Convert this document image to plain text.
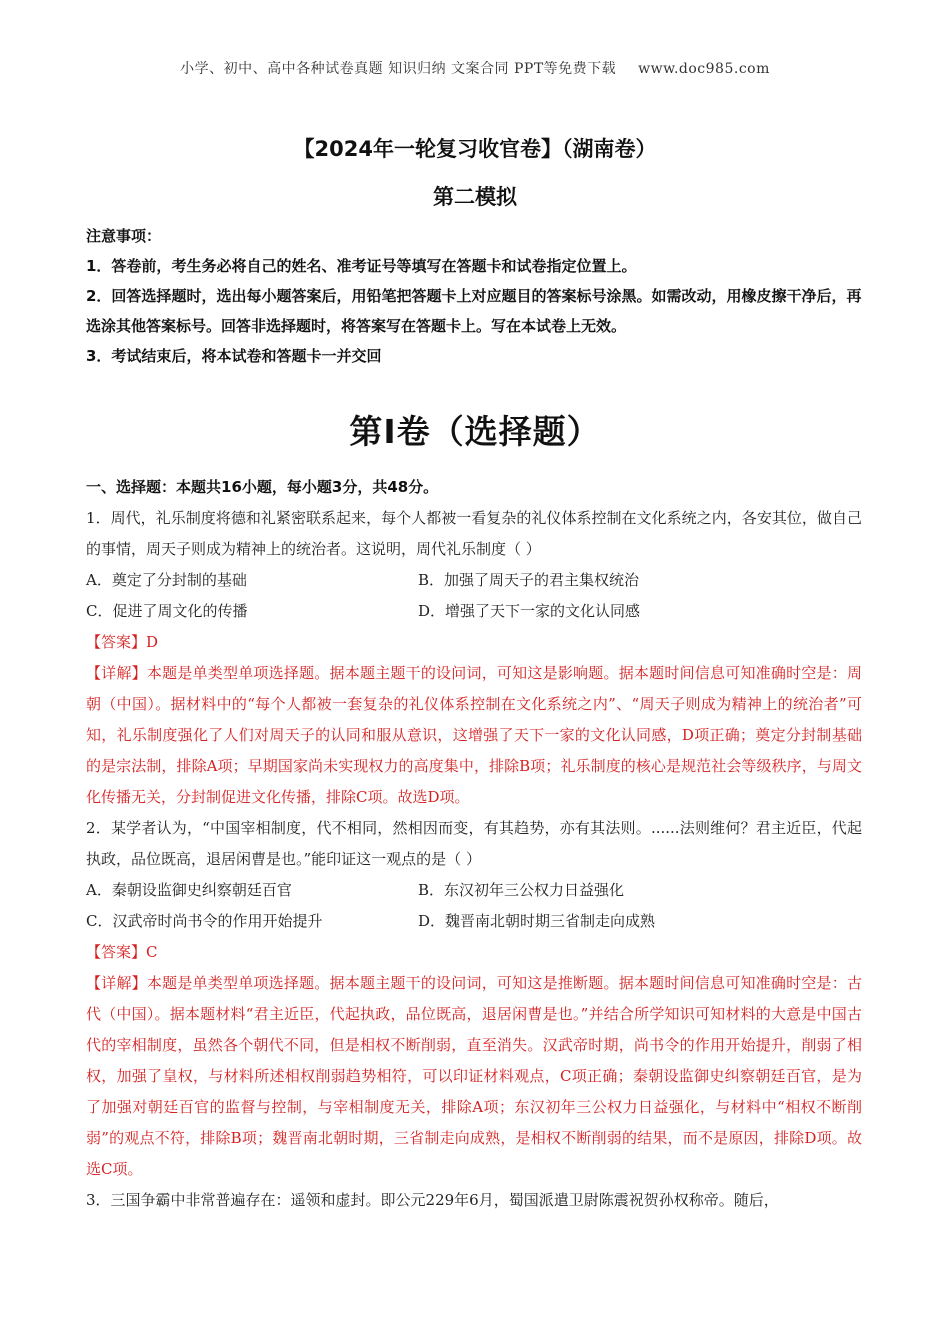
小学、初中、高中各种试卷真题 知识归纳 文案合同 PPT等免费下载 www.doc985.com
【2024年一轮复习收官卷】（湖南卷）
第二模拟

注意事项：

1．答卷前，考生务必将自己的姓名、准考证号等填写在答题卡和试卷指定位置上。

2．回答选择题时，选出每小题答案后，用铅笔把答题卡上对应题目的答案标号涂黑。如需改动，用橡皮擦干净后，再选涂其他答案标号。回答非选择题时，将答案写在答题卡上。写在本试卷上无效。

3．考试结束后，将本试卷和答题卡一并交回

第I卷（选择题）

一、选择题：本题共16小题，每小题3分，共48分。

1．周代，礼乐制度将德和礼紧密联系起来，每个人都被一看复杂的礼仪体系控制在文化系统之内，各安其位，做自己的事情，周天子则成为精神上的统治者。这说明，周代礼乐制度（ ）

A．奠定了分封制的基础	B．加强了周天子的君主集权统治
C．促进了周文化的传播	D．增强了天下一家的文化认同感

【答案】D

【详解】本题是单类型单项选择题。据本题主题干的设问词，可知这是影响题。据本题时间信息可知准确时空是：周朝（中国）。据材料中的“每个人都被一套复杂的礼仪体系控制在文化系统之内”、“周天子则成为精神上的统治者”可知，礼乐制度强化了人们对周天子的认同和服从意识，这增强了天下一家的文化认同感，D项正确；奠定分封制基础的是宗法制，排除A项；早期国家尚未实现权力的高度集中，排除B项；礼乐制度的核心是规范社会等级秩序，与周文化传播无关，分封制促进文化传播，排除C项。故选D项。

2．某学者认为，“中国宰相制度，代不相同，然相因而变，有其趋势，亦有其法则。......法则维何？君主近臣，代起执政，品位既高，退居闲曹是也。”能印证这一观点的是（ ）

A．秦朝设监御史纠察朝廷百官	B．东汉初年三公权力日益强化
C．汉武帝时尚书令的作用开始提升	D．魏晋南北朝时期三省制走向成熟

【答案】C

【详解】本题是单类型单项选择题。据本题主题干的设问词，可知这是推断题。据本题时间信息可知准确时空是：古代（中国）。据本题材料“君主近臣，代起执政，品位既高，退居闲曹是也。”并结合所学知识可知材料的大意是中国古代的宰相制度，虽然各个朝代不同，但是相权不断削弱，直至消失。汉武帝时期，尚书令的作用开始提升，削弱了相权，加强了皇权，与材料所述相权削弱趋势相符，可以印证材料观点，C项正确；秦朝设监御史纠察朝廷百官，是为了加强对朝廷百官的监督与控制，与宰相制度无关，排除A项；东汉初年三公权力日益强化，与材料中“相权不断削弱”的观点不符，排除B项；魏晋南北朝时期，三省制走向成熟，是相权不断削弱的结果，而不是原因，排除D项。故选C项。

3．三国争霸中非常普遍存在：遥领和虚封。即公元229年6月，蜀国派遣卫尉陈震祝贺孙权称帝。随后，
